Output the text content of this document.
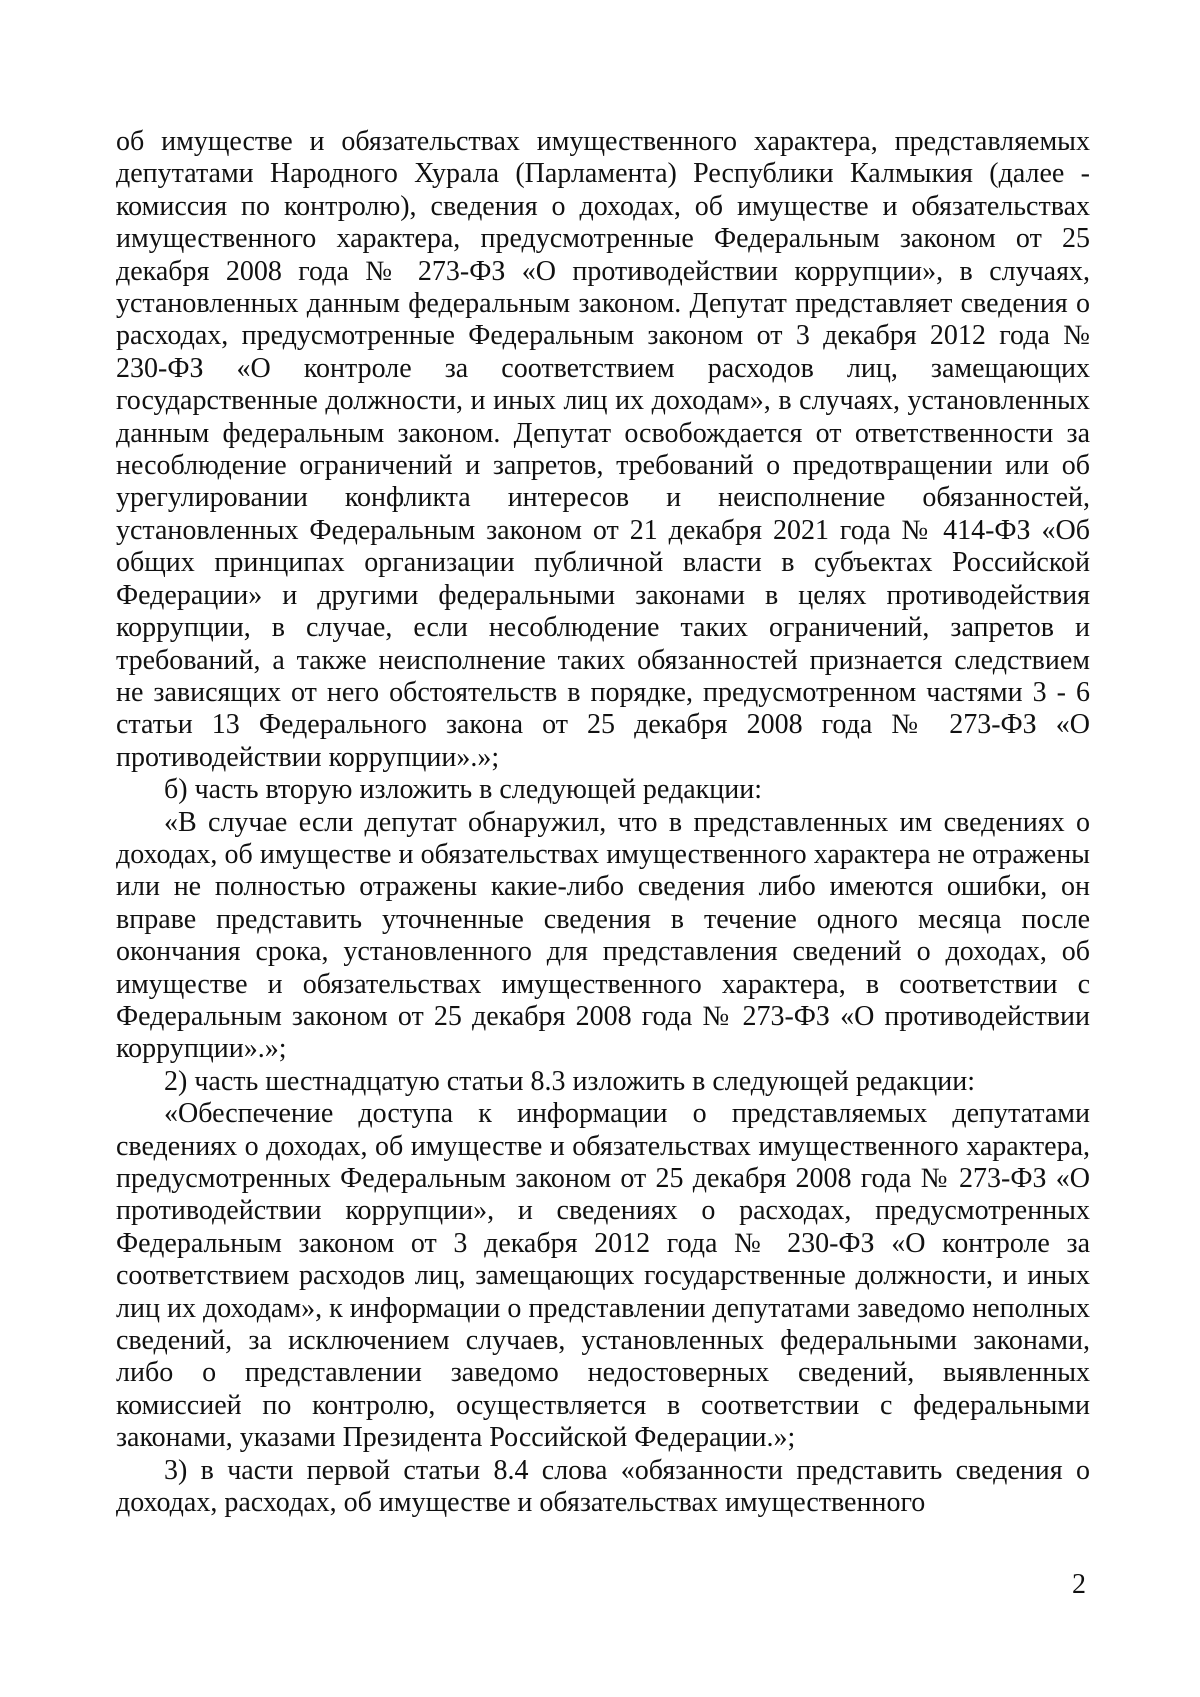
об имуществе и обязательствах имущественного характера, представляемых депутатами Народного Хурала (Парламента) Республики Калмыкия (далее - комиссия по контролю), сведения о доходах, об имуществе и обязательствах имущественного характера, предусмотренные Федеральным законом от 25 декабря 2008 года № 273-ФЗ «О противодействии коррупции», в случаях, установленных данным федеральным законом. Депутат представляет сведения о расходах, предусмотренные Федеральным законом от 3 декабря 2012 года № 230-ФЗ «О контроле за соответствием расходов лиц, замещающих государственные должности, и иных лиц их доходам», в случаях, установленных данным федеральным законом. Депутат освобождается от ответственности за несоблюдение ограничений и запретов, требований о предотвращении или об урегулировании конфликта интересов и неисполнение обязанностей, установленных Федеральным законом от 21 декабря 2021 года № 414-ФЗ «Об общих принципах организации публичной власти в субъектах Российской Федерации» и другими федеральными законами в целях противодействия коррупции, в случае, если несоблюдение таких ограничений, запретов и требований, а также неисполнение таких обязанностей признается следствием не зависящих от него обстоятельств в порядке, предусмотренном частями 3 - 6 статьи 13 Федерального закона от 25 декабря 2008 года № 273-ФЗ «О противодействии коррупции».»;

б) часть вторую изложить в следующей редакции:

«В случае если депутат обнаружил, что в представленных им сведениях о доходах, об имуществе и обязательствах имущественного характера не отражены или не полностью отражены какие-либо сведения либо имеются ошибки, он вправе представить уточненные сведения в течение одного месяца после окончания срока, установленного для представления сведений о доходах, об имуществе и обязательствах имущественного характера, в соответствии с Федеральным законом от 25 декабря 2008 года № 273-ФЗ «О противодействии коррупции».»;

2) часть шестнадцатую статьи 8.3 изложить в следующей редакции:

«Обеспечение доступа к информации о представляемых депутатами сведениях о доходах, об имуществе и обязательствах имущественного характера, предусмотренных Федеральным законом от 25 декабря 2008 года № 273-ФЗ «О противодействии коррупции», и сведениях о расходах, предусмотренных Федеральным законом от 3 декабря 2012 года № 230-ФЗ «О контроле за соответствием расходов лиц, замещающих государственные должности, и иных лиц их доходам», к информации о представлении депутатами заведомо неполных сведений, за исключением случаев, установленных федеральными законами, либо о представлении заведомо недостоверных сведений, выявленных комиссией по контролю, осуществляется в соответствии с федеральными законами, указами Президента Российской Федерации.»;

3) в части первой статьи 8.4 слова «обязанности представить сведения о доходах, расходах, об имуществе и обязательствах имущественного

2
